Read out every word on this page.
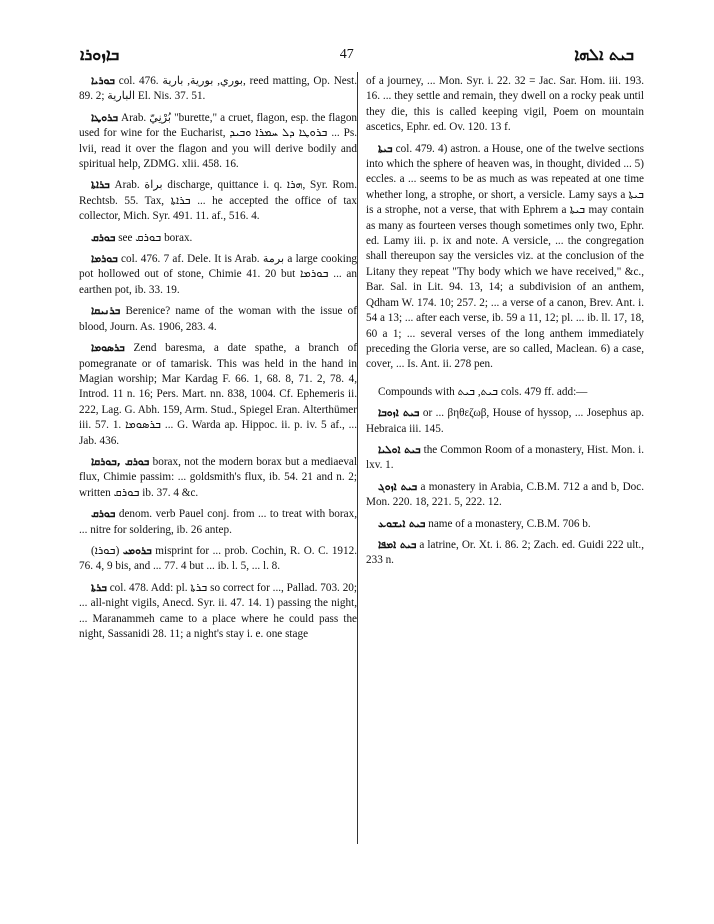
ܒܐܙܘܪܐ	47	ܒܝܬ ܐܠܗܐ

ܒܘܪܝܐ col. 476. بوري, بورية, بارية, reed matting, Op. Nest. 89. 2; البارية El. Nis. 37. 51.

ܒܪܘܛܐ Arab. بُرْنِيّ "burette," a cruet, flagon, esp. the flagon used for wine for the Eucharist, ܒܪܘܛܐ ܕܠ ܚܡܪܐ ܘܒܝܕ ... Ps. lvii, read it over the flagon and you will derive bodily and spiritual help, ZDMG. xlii. 458. 16.

ܒܪܐܬܐ Arab. براة discharge, quittance i. q. ܗܪܐ, Syr. Rom. Rechtsb. 55. Tax, ܒܪܐܬܐ ... he accepted the office of tax collector, Mich. Syr. 491. 11. af., 516. 4.

ܒܘܪܩ see ܒܘܪܩ borax.

ܒܘܪܡܐ col. 476. 7 af. Dele. It is Arab. برمة a large cooking pot hollowed out of stone, Chimie 41. 20 but ܒܘܪܡܐ ... an earthen pot, ib. 33. 19.

ܒܪܢܝܩܐ Berenice? name of the woman with the issue of blood, Journ. As. 1906, 283. 4.

ܒܪܣܘܡܐ Zend baresma, a date spathe, a branch of pomegranate or of tamarisk. This was held in the hand in Magian worship; Mar Kardag F. 66. 1, 68. 8, 71. 2, 78. 4, Introd. 11 n. 16; Pers. Mart. nn. 838, 1004. Cf. Ephemeris ii. 222, Lag. G. Abh. 159, Arm. Stud., Spiegel Eran. Alterthümer iii. 57. 1. ܒܪܣܘܡܐ ... G. Warda ap. Hippoc. ii. p. iv. 5 af., ... Jab. 436.

ܒܘܪܩ ,ܒܘܪܩܐ borax, not the modern borax but a mediaeval flux, Chimie passim: ... goldsmith's flux, ib. 54. 21 and n. 2; written ܒܘܪܩ ib. 37. 4 &c.

ܒܘܪܩ denom. verb Pauel conj. from ... to treat with borax, ... nitre for soldering, ib. 26 antep.

ܒܪܘܡܝ (ܒܘܪܐ) misprint for ... prob. Cochin, R. O. C. 1912. 76. 4, 9 bis, and ... 77. 4 but ... ib. l. 5, ... l. 8.

ܒܪܬܐ col. 478. Add: pl. ܒܪܬܐ so correct for ..., Pallad. 703. 20; ... all-night vigils, Anecd. Syr. ii. 47. 14. 1) passing the night, ... Maranammeh came to a place where he could pass the night, Sassanidi 28. 11; a night's stay i. e. one stage

of a journey, ... Mon. Syr. i. 22. 32 = Jac. Sar. Hom. iii. 193. 16. ... they settle and remain, they dwell on a rocky peak until they die, this is called keeping vigil, Poem on mountain ascetics, Ephr. ed. Ov. 120. 13 f.

ܒܝܬܐ col. 479. 4) astron. a House, one of the twelve sections into which the sphere of heaven was, in thought, divided ... 5) eccles. a ... seems to be as much as was repeated at one time whether long, a strophe, or short, a versicle. Lamy says a ܒܝܬܐ is a strophe, not a verse, that with Ephrem a ܒܝܬܐ may contain as many as fourteen verses though sometimes only two, Ephr. ed. Lamy iii. p. ix and note. A versicle, ... the congregation shall thereupon say the versicles viz. at the conclusion of the Litany they repeat "Thy body which we have received," &c., Bar. Sal. in Lit. 94. 13, 14; a subdivision of an anthem, Qdham W. 174. 10; 257. 2; ... a verse of a canon, Brev. Ant. i. 54 a 13; ... after each verse, ib. 59 a 11, 12; pl. ... ib. ll. 17, 18, 60 a 1; ... several verses of the long anthem immediately preceding the Gloria verse, are so called, Maclean. 6) a case, cover, ... Is. Ant. ii. 278 pen.

Compounds with ܒܝܬ, ܒܝܬ cols. 479 ff. add:—

ܒܝܬ ܐܙܘܒܐ or ... βηθεζωβ, House of hyssop, ... Josephus ap. Hebraica iii. 145.

ܒܝܬ ܐܘܠܝܐ the Common Room of a monastery, Hist. Mon. i. lxv. 1.

ܒܝܬ ܐܙܘܓ a monastery in Arabia, C.B.M. 712 a and b, Doc. Mon. 220. 18, 221. 5, 222. 12.

ܒܝܬ ܐܝܫܘܥ name of a monastery, C.B.M. 706 b.

ܒܝܬ ܐܡܦܐ a latrine, Or. Xt. i. 86. 2; Zach. ed. Guidi 222 ult., 233 n.
